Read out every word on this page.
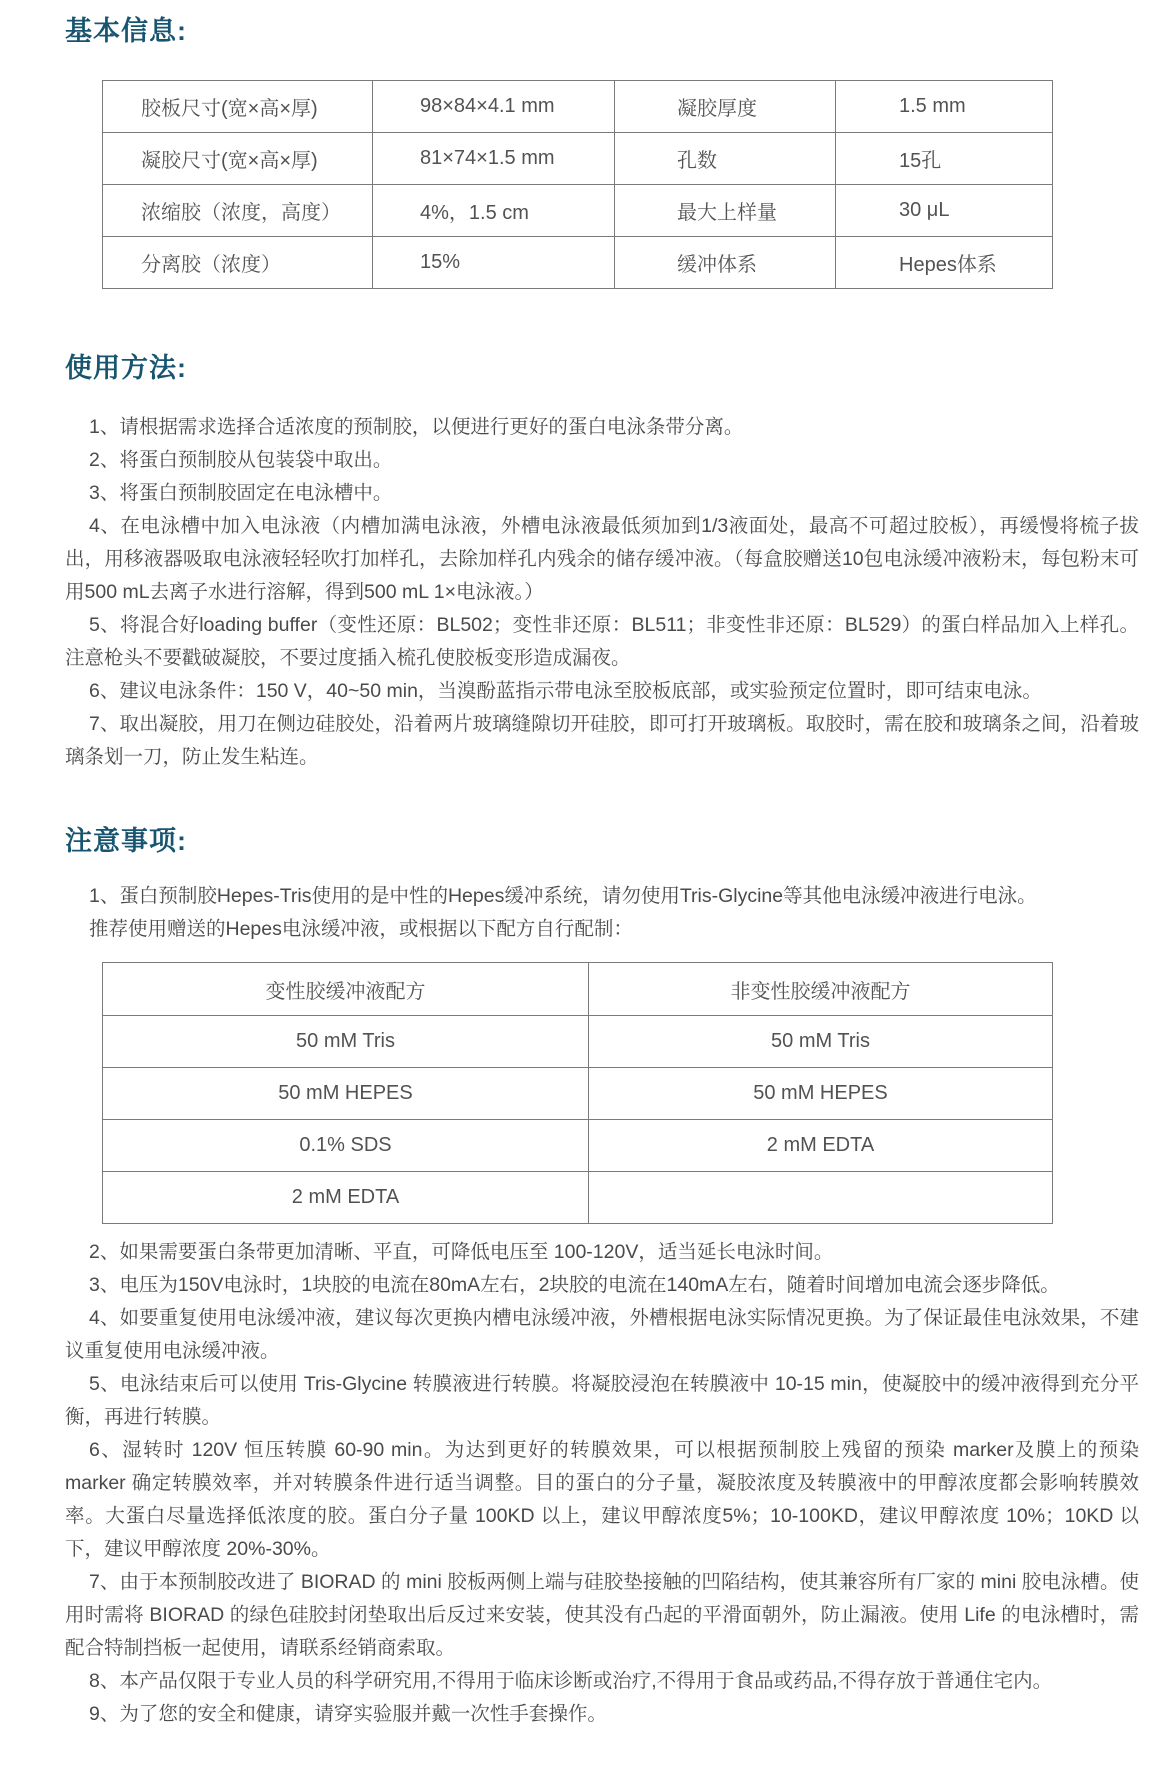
基本信息:
胶板尺寸(宽×高×厚)	98×84×4.1 mm	凝胶厚度	1.5 mm
凝胶尺寸(宽×高×厚)	81×74×1.5 mm	孔数	15孔
浓缩胶（浓度，高度）	4%，1.5 cm	最大上样量	30 μL
分离胶（浓度）	15%	缓冲体系	Hepes体系
使用方法:

1、请根据需求选择合适浓度的预制胶，以便进行更好的蛋白电泳条带分离。

2、将蛋白预制胶从包装袋中取出。

3、将蛋白预制胶固定在电泳槽中。

4、在电泳槽中加入电泳液（内槽加满电泳液，外槽电泳液最低须加到1/3液面处，最高不可超过胶板），再缓慢将梳子拔出，用移液器吸取电泳液轻轻吹打加样孔，去除加样孔内残余的储存缓冲液。（每盒胶赠送10包电泳缓冲液粉末，每包粉末可用500 mL去离子水进行溶解，得到500 mL 1×电泳液。）

5、将混合好loading buffer（变性还原：BL502；变性非还原：BL511；非变性非还原：BL529）的蛋白样品加入上样孔。注意枪头不要戳破凝胶，不要过度插入梳孔使胶板变形造成漏夜。

6、建议电泳条件：150 V，40~50 min，当溴酚蓝指示带电泳至胶板底部，或实验预定位置时，即可结束电泳。

7、取出凝胶，用刀在侧边硅胶处，沿着两片玻璃缝隙切开硅胶，即可打开玻璃板。取胶时，需在胶和玻璃条之间，沿着玻璃条划一刀，防止发生粘连。

注意事项:

1、蛋白预制胶Hepes-Tris使用的是中性的Hepes缓冲系统，请勿使用Tris-Glycine等其他电泳缓冲液进行电泳。

推荐使用赠送的Hepes电泳缓冲液，或根据以下配方自行配制：

变性胶缓冲液配方	非变性胶缓冲液配方
50 mM Tris	50 mM Tris
50 mM HEPES	50 mM HEPES
0.1% SDS	2 mM EDTA
2 mM EDTA	

2、如果需要蛋白条带更加清晰、平直，可降低电压至 100-120V，适当延长电泳时间。

3、电压为150V电泳时，1块胶的电流在80mA左右，2块胶的电流在140mA左右，随着时间增加电流会逐步降低。

4、如要重复使用电泳缓冲液，建议每次更换内槽电泳缓冲液，外槽根据电泳实际情况更换。为了保证最佳电泳效果，不建议重复使用电泳缓冲液。

5、电泳结束后可以使用 Tris-Glycine 转膜液进行转膜。将凝胶浸泡在转膜液中 10-15 min，使凝胶中的缓冲液得到充分平衡，再进行转膜。

6、湿转时 120V 恒压转膜 60-90 min。为达到更好的转膜效果，可以根据预制胶上残留的预染 marker及膜上的预染 marker 确定转膜效率，并对转膜条件进行适当调整。目的蛋白的分子量，凝胶浓度及转膜液中的甲醇浓度都会影响转膜效率。大蛋白尽量选择低浓度的胶。蛋白分子量 100KD 以上，建议甲醇浓度5%；10-100KD，建议甲醇浓度 10%；10KD 以下，建议甲醇浓度 20%-30%。

7、由于本预制胶改进了 BIORAD 的 mini 胶板两侧上端与硅胶垫接触的凹陷结构，使其兼容所有厂家的 mini 胶电泳槽。使用时需将 BIORAD 的绿色硅胶封闭垫取出后反过来安装，使其没有凸起的平滑面朝外，防止漏液。使用 Life 的电泳槽时，需配合特制挡板一起使用，请联系经销商索取。

8、本产品仅限于专业人员的科学研究用,不得用于临床诊断或治疗,不得用于食品或药品,不得存放于普通住宅内。

9、为了您的安全和健康，请穿实验服并戴一次性手套操作。
